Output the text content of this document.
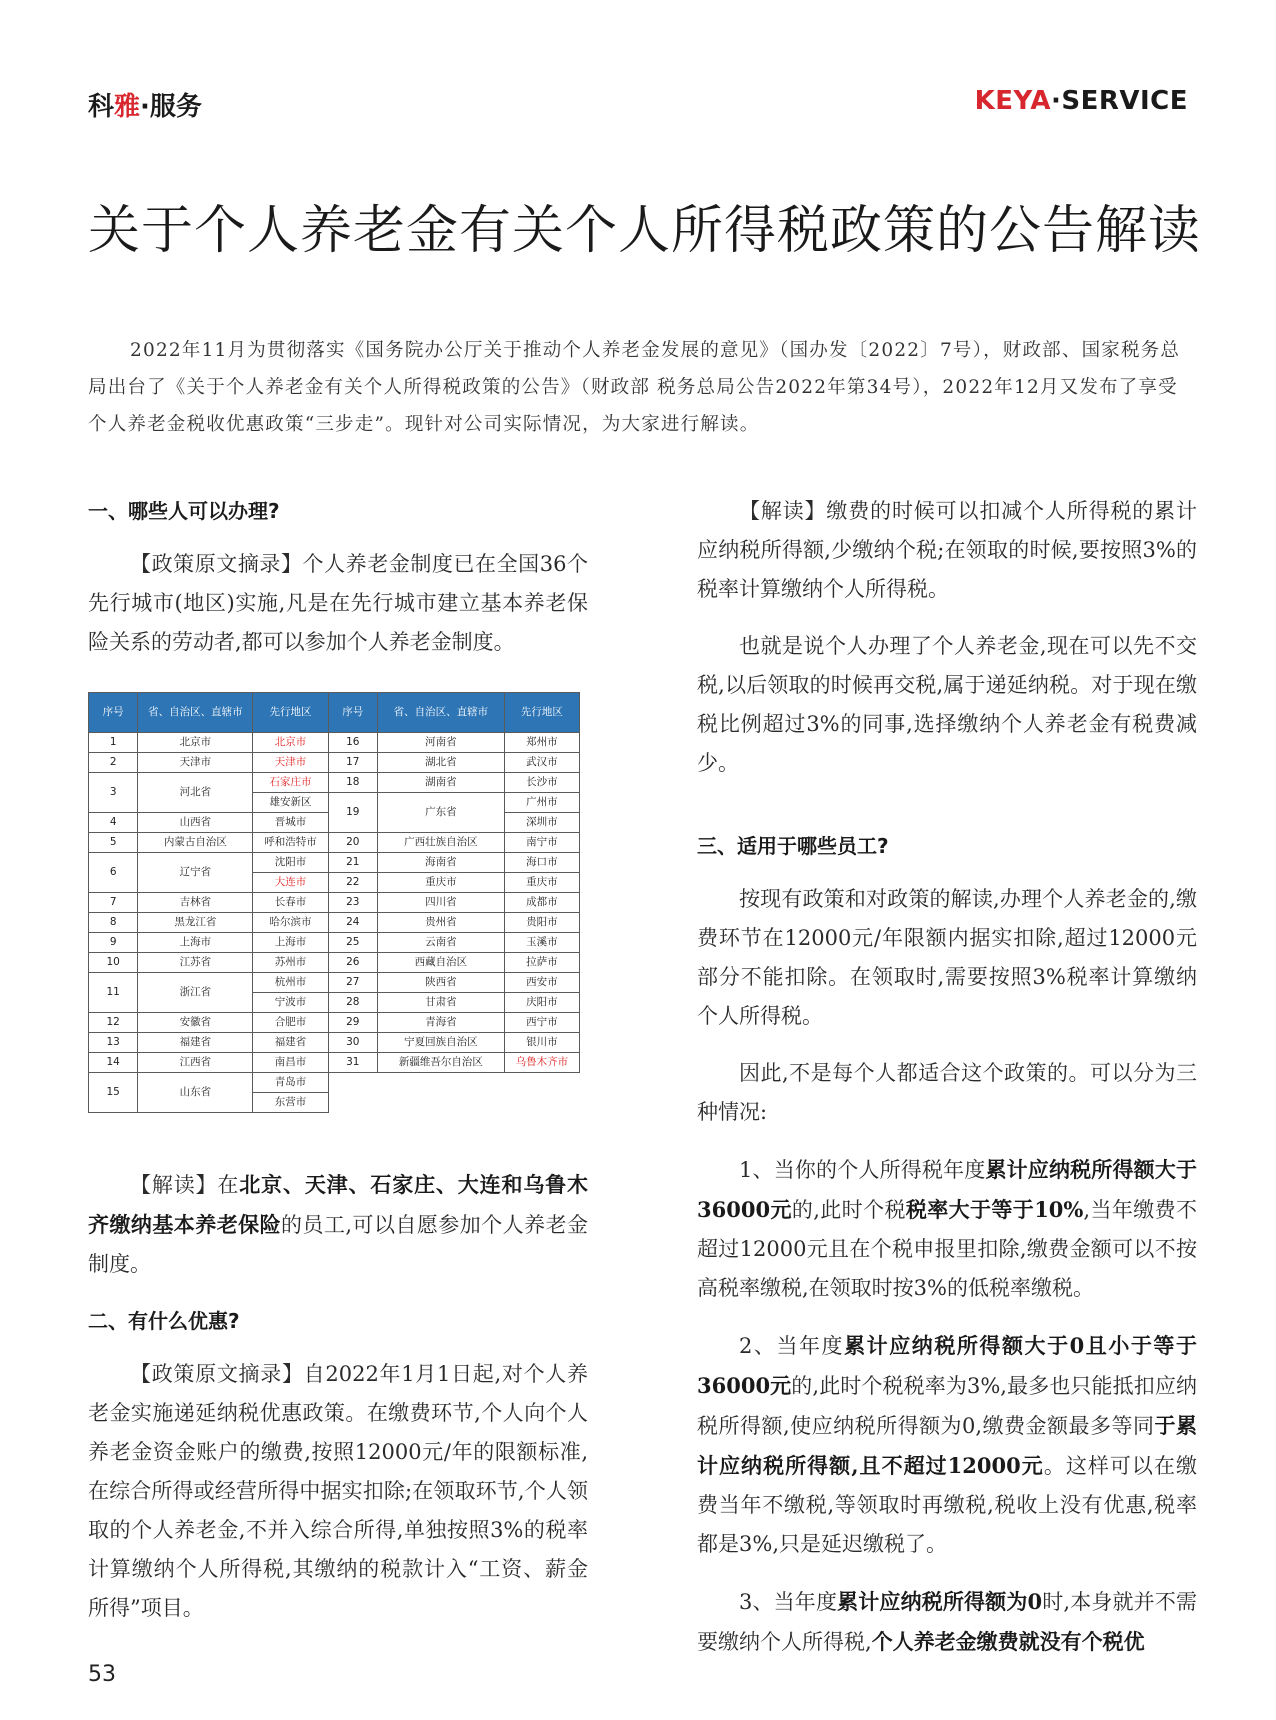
科雅·服务	KEYA·SERVICE
关于个人养老金有关个人所得税政策的公告解读
2022年11月为贯彻落实《国务院办公厅关于推动个人养老金发展的意见》（国办发〔2022〕7号），财政部、国家税务总局出台了《关于个人养老金有关个人所得税政策的公告》（财政部 税务总局公告2022年第34号），2022年12月又发布了享受个人养老金税收优惠政策“三步走”。现针对公司实际情况，为大家进行解读。
一、哪些人可以办理?

【政策原文摘录】个人养老金制度已在全国36个先行城市(地区)实施,凡是在先行城市建立基本养老保险关系的劳动者,都可以参加个人养老金制度。

序号	省、自治区、直辖市	先行地区	序号	省、自治区、直辖市	先行地区
1	北京市	北京市	16	河南省	郑州市
2	天津市	天津市	17	湖北省	武汉市
3	河北省	石家庄市	18	湖南省	长沙市
		雄安新区	19	广东省	广州市
4	山西省	晋城市			深圳市
5	内蒙古自治区	呼和浩特市	20	广西壮族自治区	南宁市
6	辽宁省	沈阳市	21	海南省	海口市
		大连市	22	重庆市	重庆市
7	吉林省	长春市	23	四川省	成都市
8	黑龙江省	哈尔滨市	24	贵州省	贵阳市
9	上海市	上海市	25	云南省	玉溪市
10	江苏省	苏州市	26	西藏自治区	拉萨市
11	浙江省	杭州市	27	陕西省	西安市
		宁波市	28	甘肃省	庆阳市
12	安徽省	合肥市	29	青海省	西宁市
13	福建省	福建省	30	宁夏回族自治区	银川市
14	江西省	南昌市	31	新疆维吾尔自治区	乌鲁木齐市
15	山东省	青岛市			
		东营市			

【解读】在北京、天津、石家庄、大连和乌鲁木齐缴纳基本养老保险的员工,可以自愿参加个人养老金制度。

二、有什么优惠?

【政策原文摘录】自2022年1月1日起,对个人养老金实施递延纳税优惠政策。在缴费环节,个人向个人养老金资金账户的缴费,按照12000元/年的限额标准,在综合所得或经营所得中据实扣除;在领取环节,个人领取的个人养老金,不并入综合所得,单独按照3%的税率计算缴纳个人所得税,其缴纳的税款计入“工资、薪金所得”项目。

【解读】缴费的时候可以扣减个人所得税的累计应纳税所得额,少缴纳个税;在领取的时候,要按照3%的税率计算缴纳个人所得税。

也就是说个人办理了个人养老金,现在可以先不交税,以后领取的时候再交税,属于递延纳税。对于现在缴税比例超过3%的同事,选择缴纳个人养老金有税费减少。

三、适用于哪些员工?

按现有政策和对政策的解读,办理个人养老金的,缴费环节在12000元/年限额内据实扣除,超过12000元部分不能扣除。在领取时,需要按照3%税率计算缴纳个人所得税。

因此,不是每个人都适合这个政策的。可以分为三种情况:

1、当你的个人所得税年度累计应纳税所得额大于36000元的,此时个税税率大于等于10%,当年缴费不超过12000元且在个税申报里扣除,缴费金额可以不按高税率缴税,在领取时按3%的低税率缴税。

2、当年度累计应纳税所得额大于0且小于等于36000元的,此时个税税率为3%,最多也只能抵扣应纳税所得额,使应纳税所得额为0,缴费金额最多等同于累计应纳税所得额,且不超过12000元。这样可以在缴费当年不缴税,等领取时再缴税,税收上没有优惠,税率都是3%,只是延迟缴税了。

3、当年度累计应纳税所得额为0时,本身就并不需要缴纳个人所得税,个人养老金缴费就没有个税优

53
